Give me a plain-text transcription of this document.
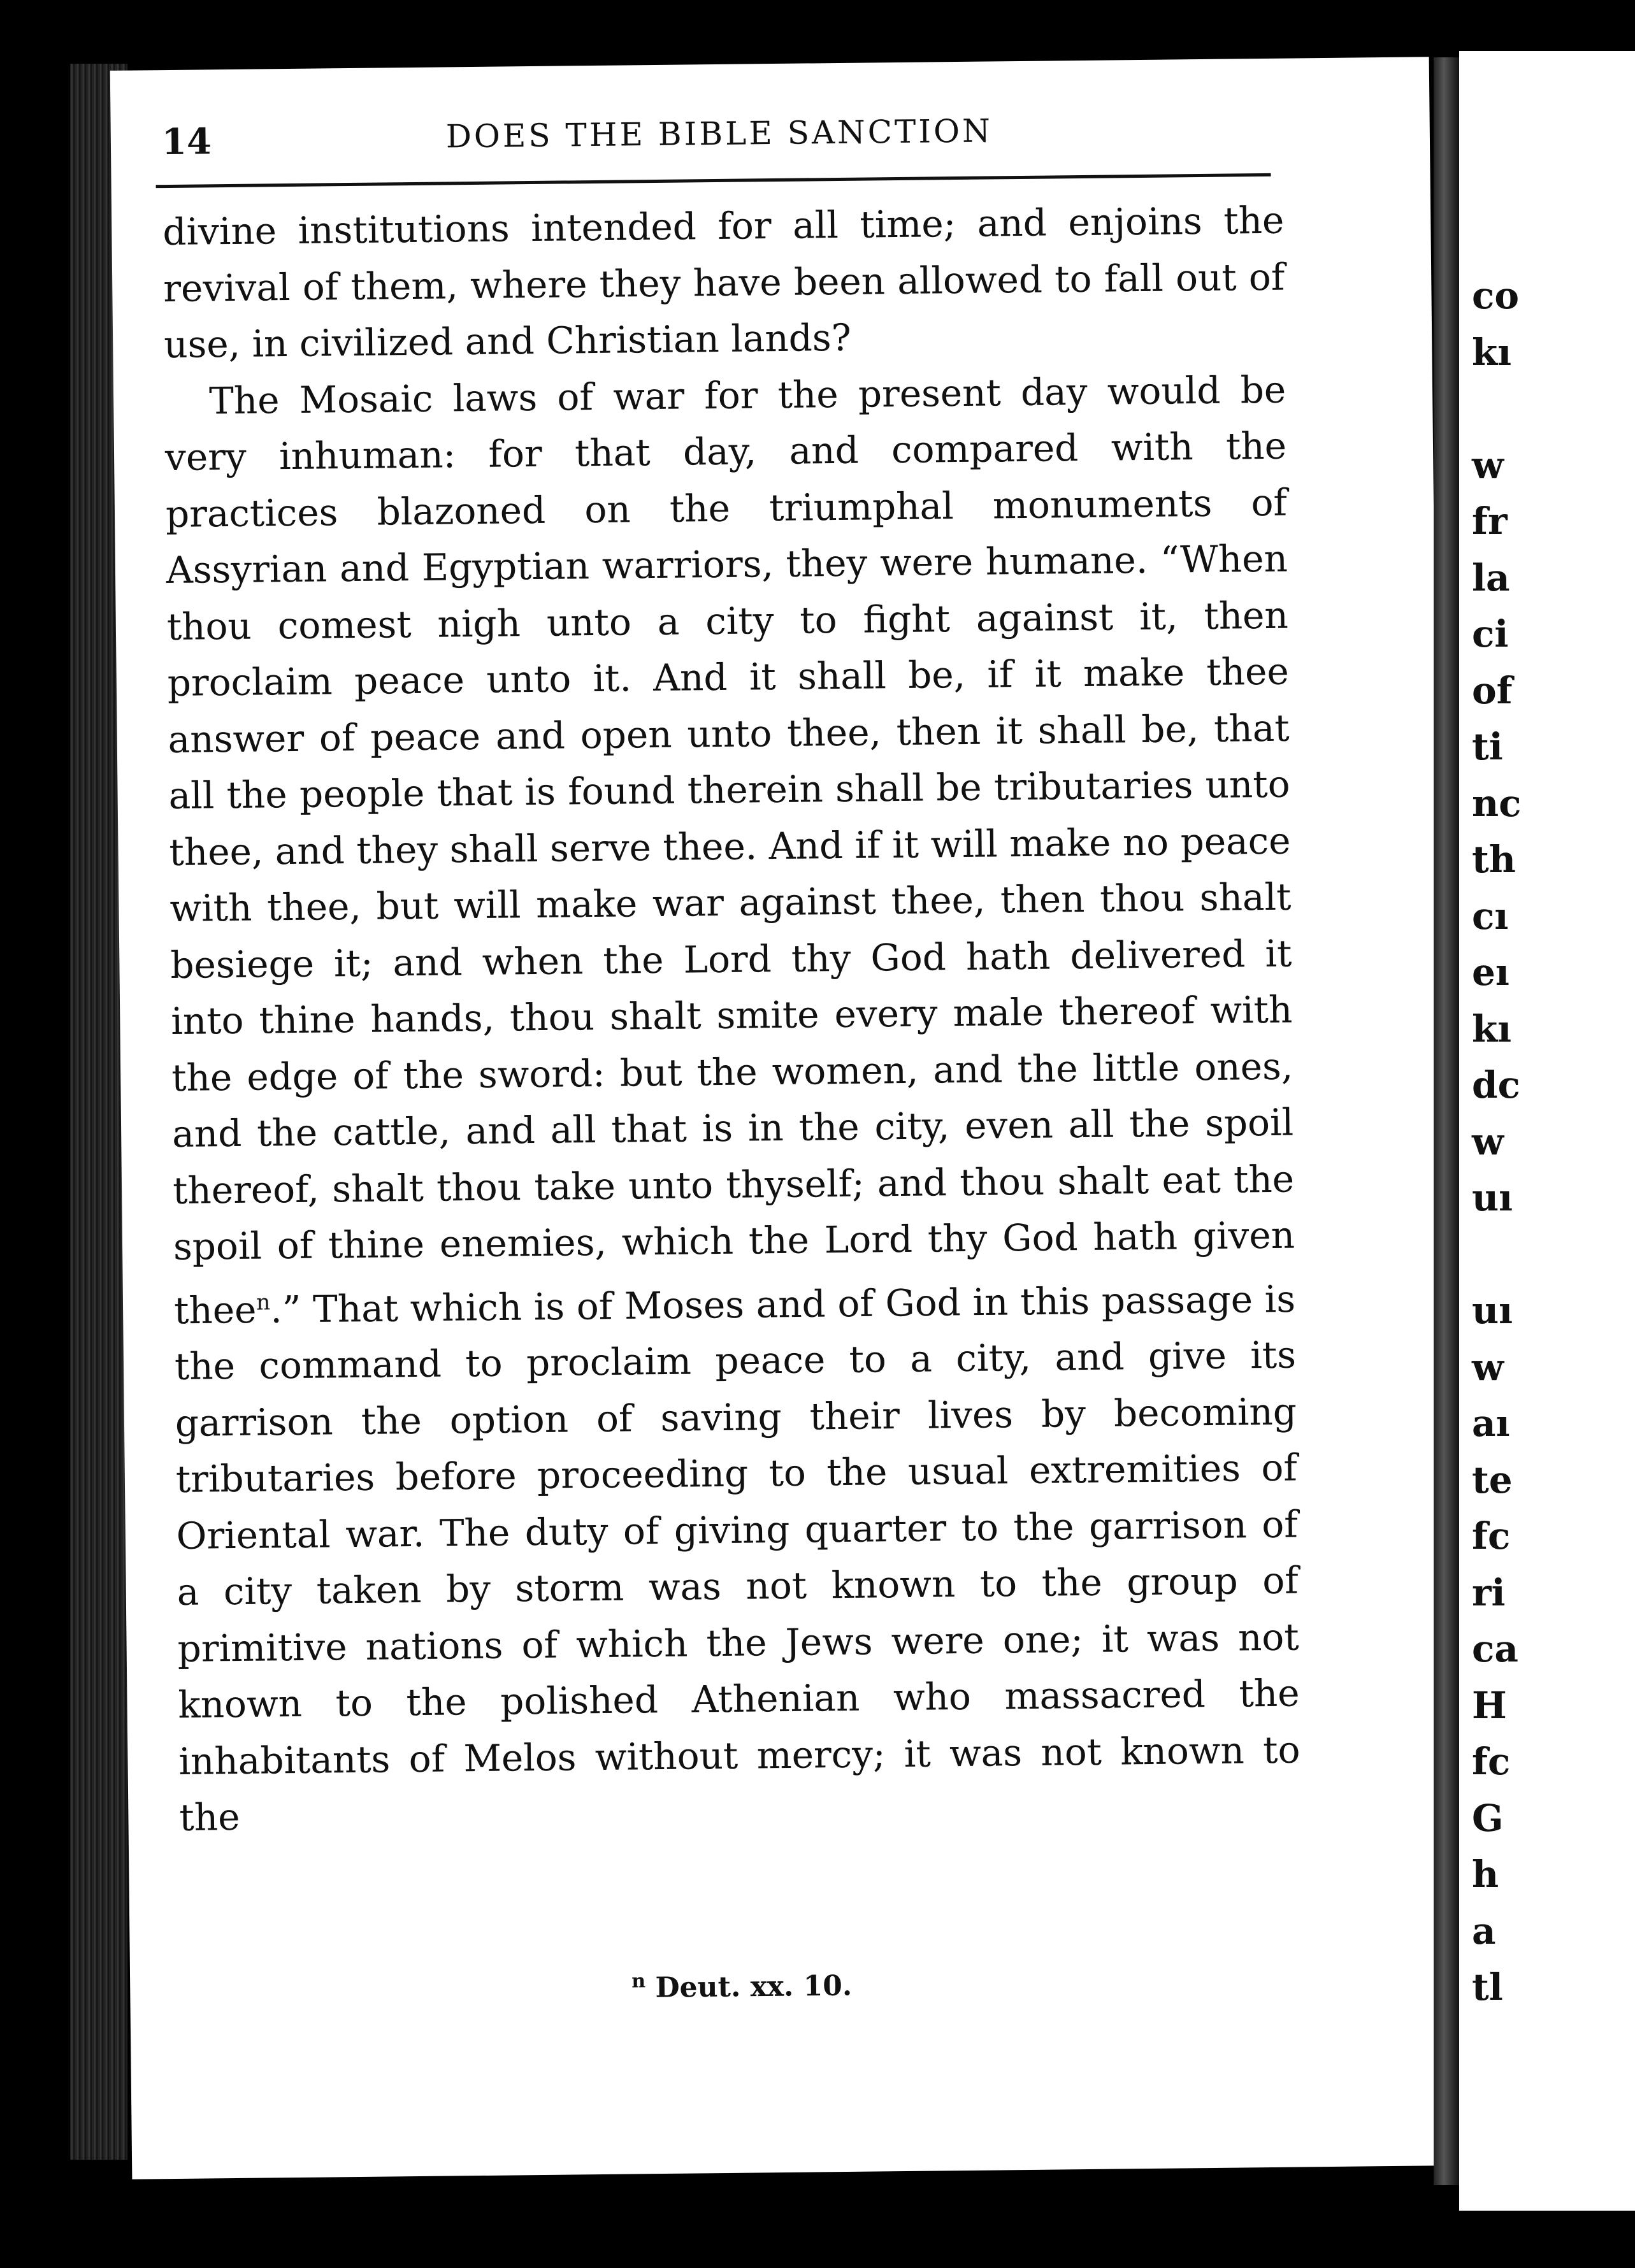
14	DOES THE BIBLE SANCTION

divine institutions intended for all time; and enjoins the revival of them, where they have been allowed to fall out of use, in civilized and Christian lands?

The Mosaic laws of war for the present day would be very inhuman: for that day, and compared with the practices blazoned on the triumphal monuments of Assyrian and Egyptian warriors, they were humane. “When thou comest nigh unto a city to fight against it, then proclaim peace unto it. And it shall be, if it make thee answer of peace and open unto thee, then it shall be, that all the people that is found therein shall be tributaries unto thee, and they shall serve thee. And if it will make no peace with thee, but will make war against thee, then thou shalt besiege it; and when the Lord thy God hath delivered it into thine hands, thou shalt smite every male thereof with the edge of the sword: but the women, and the little ones, and the cattle, and all that is in the city, even all the spoil thereof, shalt thou take unto thyself; and thou shalt eat the spoil of thine enemies, which the Lord thy God hath given thee$^n$.” That which is of Moses and of God in this passage is the command to proclaim peace to a city, and give its garrison the option of saving their lives by becoming tributaries before proceeding to the usual extremities of Oriental war. The duty of giving quarter to the garrison of a city taken by storm was not known to the group of primitive nations of which the Jews were one; it was not known to the polished Athenian who massacred the inhabitants of Melos without mercy; it was not known to the

$^n$ Deut. xx. 10.
co
kı
w
fr
la
ci
of
ti
nc
th
cı
eı
kı
dc
w
uı
uı
w
aı
te
fc
ri
ca
H
fc
G
h
a
tl
